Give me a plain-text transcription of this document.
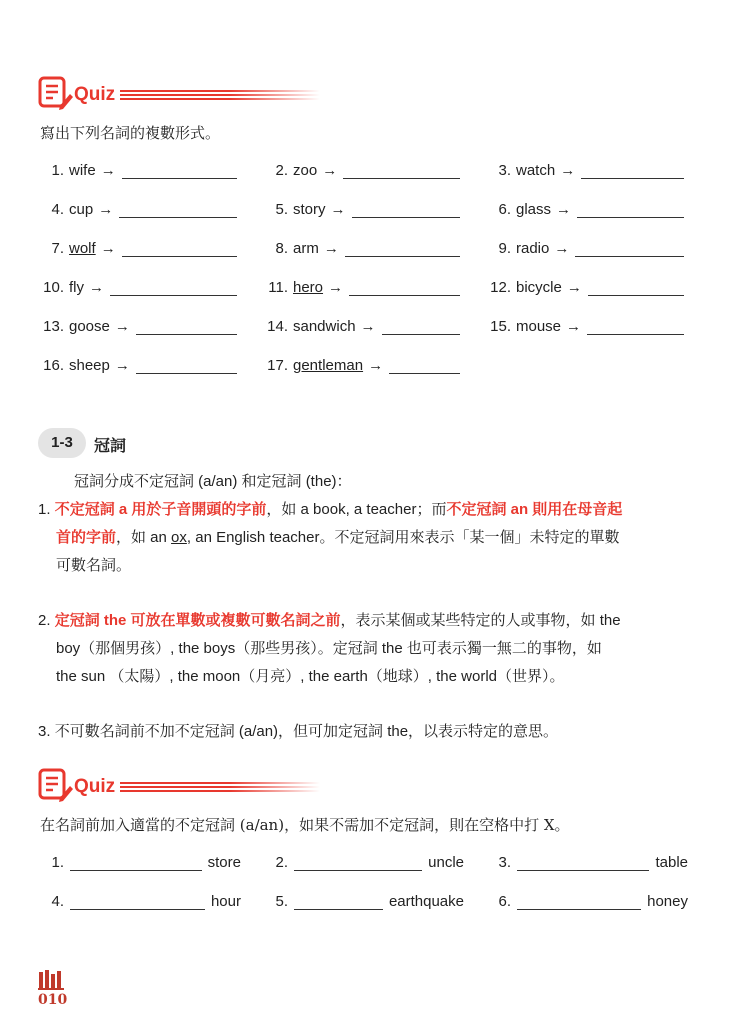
Quiz
寫出下列名詞的複數形式。
1. wife →	2. zoo →	3. watch →
4. cup →	5. story →	6. glass →
7. wolf →	8. arm →	9. radio →
10. fly →	11. hero →	12. bicycle →
13. goose →	14. sandwich →	15. mouse →
16. sheep →	17. gentleman →
1-3	冠詞
冠詞分成不定冠詞 (a/an) 和定冠詞 (the)：
1. 不定冠詞 a 用於子音開頭的字前，如 a book, a teacher；而不定冠詞 an 則用在母音起
首的字前，如 an ox, an English teacher。不定冠詞用來表示「某一個」未特定的單數
可數名詞。
2. 定冠詞 the 可放在單數或複數可數名詞之前，表示某個或某些特定的人或事物，如 the
boy（那個男孩）, the boys（那些男孩）。定冠詞 the 也可表示獨一無二的事物，如
the sun （太陽）, the moon（月亮）, the earth（地球）, the world（世界）。
3. 不可數名詞前不加不定冠詞 (a/an)，但可加定冠詞 the，以表示特定的意思。
Quiz
在名詞前加入適當的不定冠詞 (a/an)，如果不需加不定冠詞，則在空格中打 X。
1.	store	2.	uncle	3.	table
4.	hour	5.	earthquake	6.	honey
010
